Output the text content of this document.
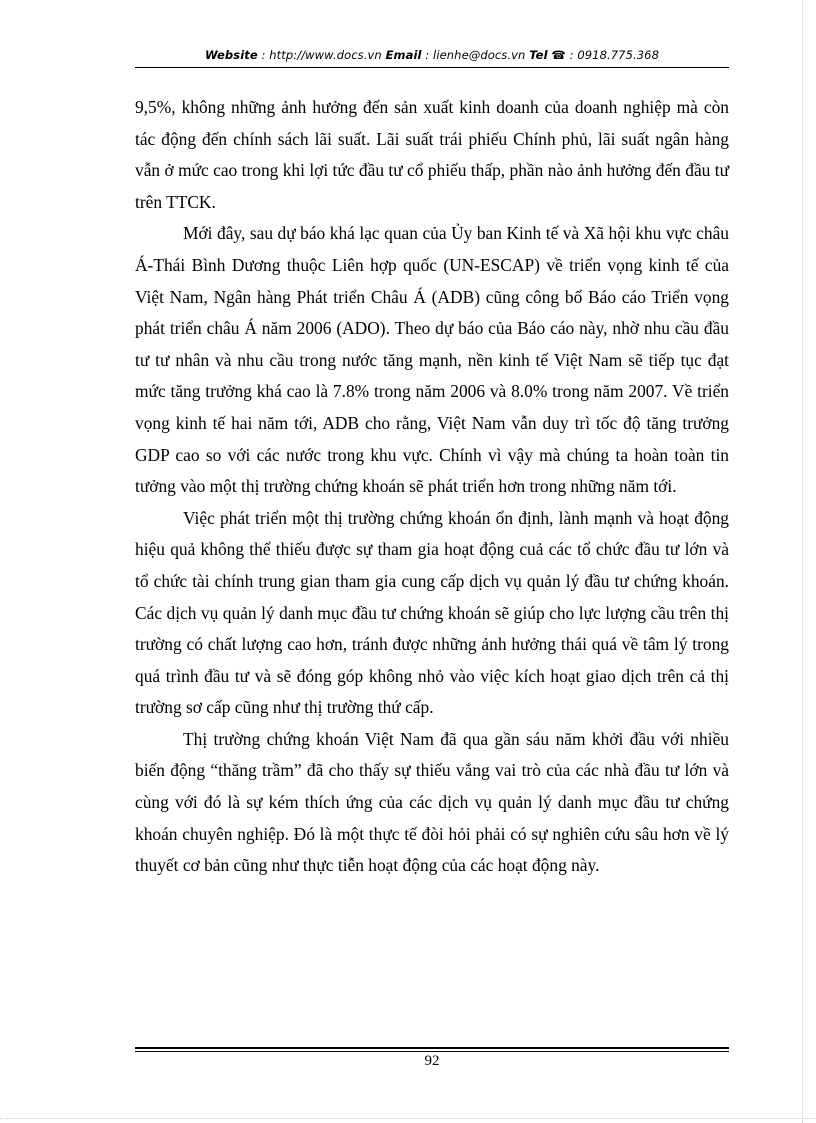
Website : http://www.docs.vn Email : lienhe@docs.vn Tel ☎ : 0918.775.368

9,5%, không những ảnh hưởng đến sản xuất kinh doanh của doanh nghiệp mà còn tác động đến chính sách lãi suất. Lãi suất trái phiếu Chính phủ, lãi suất ngân hàng vẫn ở mức cao trong khi lợi tức đầu tư cổ phiếu thấp, phần nào ảnh hưởng đến đầu tư trên TTCK.

Mới đây, sau dự báo khá lạc quan của Ủy ban Kinh tế và Xã hội khu vực châu Á-Thái Bình Dương thuộc Liên hợp quốc (UN-ESCAP) về triển vọng kinh tế của Việt Nam, Ngân hàng Phát triển Châu Á (ADB) cũng công bố Báo cáo Triển vọng phát triển châu Á năm 2006 (ADO). Theo dự báo của Báo cáo này, nhờ nhu cầu đầu tư tư nhân và nhu cầu trong nước tăng mạnh, nền kinh tế Việt Nam sẽ tiếp tục đạt mức tăng trưởng khá cao là 7.8% trong năm 2006 và 8.0% trong năm 2007. Về triển vọng kinh tế hai năm tới, ADB cho rằng, Việt Nam vẫn duy trì tốc độ tăng trưởng GDP cao so với các nước trong khu vực. Chính vì vậy mà chúng ta hoàn toàn tin tưởng vào một thị trường chứng khoán sẽ phát triển hơn trong những năm tới.

Việc phát triển một thị trường chứng khoán ổn định, lành mạnh và hoạt động hiệu quả không thể thiếu được sự tham gia hoạt động cuả các tổ chức đầu tư lớn và tổ chức tài chính trung gian tham gia cung cấp dịch vụ quản lý đầu tư chứng khoán. Các dịch vụ quản lý danh mục đầu tư chứng khoán sẽ giúp cho lực lượng cầu trên thị trường có chất lượng cao hơn, tránh được những ảnh hưởng thái quá về tâm lý trong quá trình đầu tư và sẽ đóng góp không nhỏ vào việc kích hoạt giao dịch trên cả thị trường sơ cấp cũng như thị trường thứ cấp.

Thị trường chứng khoán Việt Nam đã qua gần sáu năm khởi đầu với nhiều biến động “thăng trầm” đã cho thấy sự thiếu vắng vai trò của các nhà đầu tư lớn và cùng với đó là sự kém thích ứng của các dịch vụ quản lý danh mục đầu tư chứng khoán chuyên nghiệp. Đó là một thực tế đòi hỏi phải có sự nghiên cứu sâu hơn về lý thuyết cơ bản cũng như thực tiễn hoạt động của các hoạt động này.

92
